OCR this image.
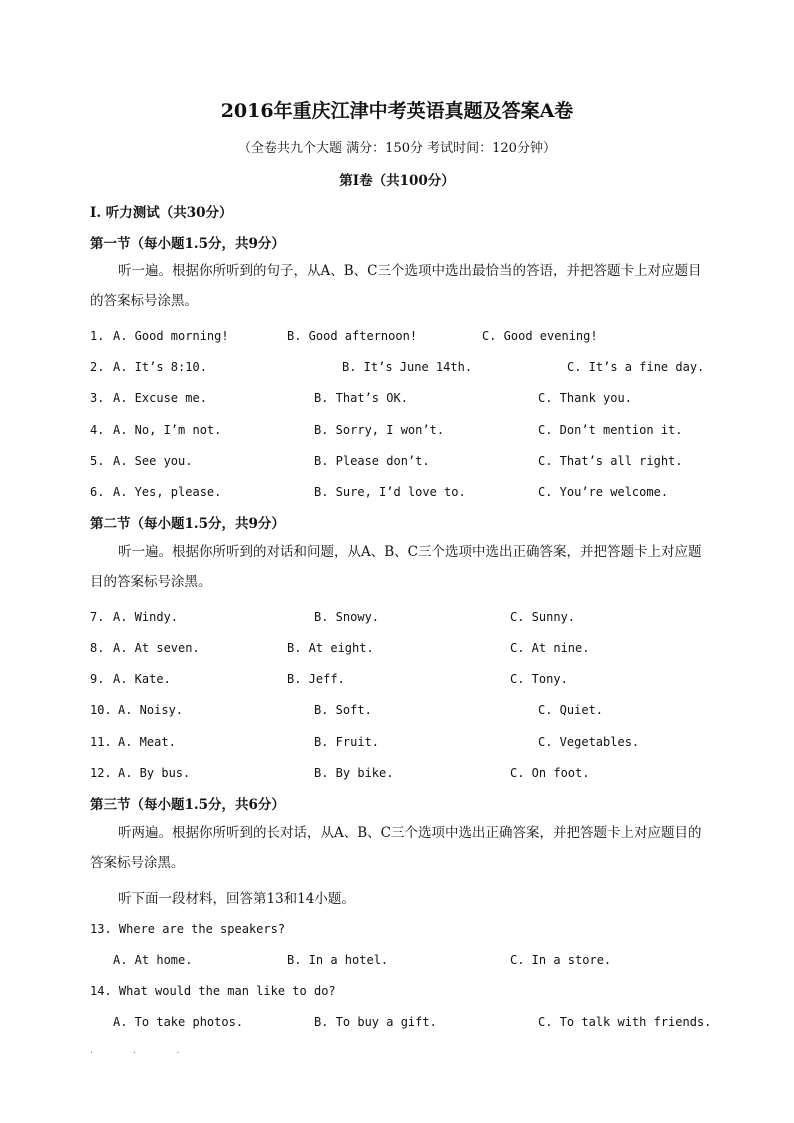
2016年重庆江津中考英语真题及答案A卷
（全卷共九个大题 满分：150分 考试时间：120分钟）
第I卷（共100分）
I. 听力测试（共30分）
第一节（每小题1.5分，共9分）
听一遍。根据你所听到的句子，从A、B、C三个选项中选出最恰当的答语，并把答题卡上对应题目的答案标号涂黑。
1. A. Good morning!	B. Good afternoon!	C. Good evening!
2. A. It’s 8:10.	B. It’s June 14th.	C. It’s a fine day.
3. A. Excuse me.	B. That’s OK.	C. Thank you.
4. A. No, I’m not.	B. Sorry, I won’t.	C. Don’t mention it.
5. A. See you.	B. Please don’t.	C. That’s all right.
6. A. Yes, please.	B. Sure, I’d love to.	C. You’re welcome.
第二节（每小题1.5分，共9分）
听一遍。根据你所听到的对话和问题，从A、B、C三个选项中选出正确答案，并把答题卡上对应题目的答案标号涂黑。
7. A. Windy.	B. Snowy.	C. Sunny.
8. A. At seven.	B. At eight.	C. At nine.
9. A. Kate.	B. Jeff.	C. Tony.
10. A. Noisy.	B. Soft.	C. Quiet.
11. A. Meat.	B. Fruit.	C. Vegetables.
12. A. By bus.	B. By bike.	C. On foot.
第三节（每小题1.5分，共6分）
听两遍。根据你所听到的长对话，从A、B、C三个选项中选出正确答案，并把答题卡上对应题目的答案标号涂黑。
听下面一段材料，回答第13和14小题。
13. Where are the speakers?
A. At home.	B. In a hotel.	C. In a store.
14. What would the man like to do?
A. To take photos.	B. To buy a gift.	C. To talk with friends.
·​·​·
